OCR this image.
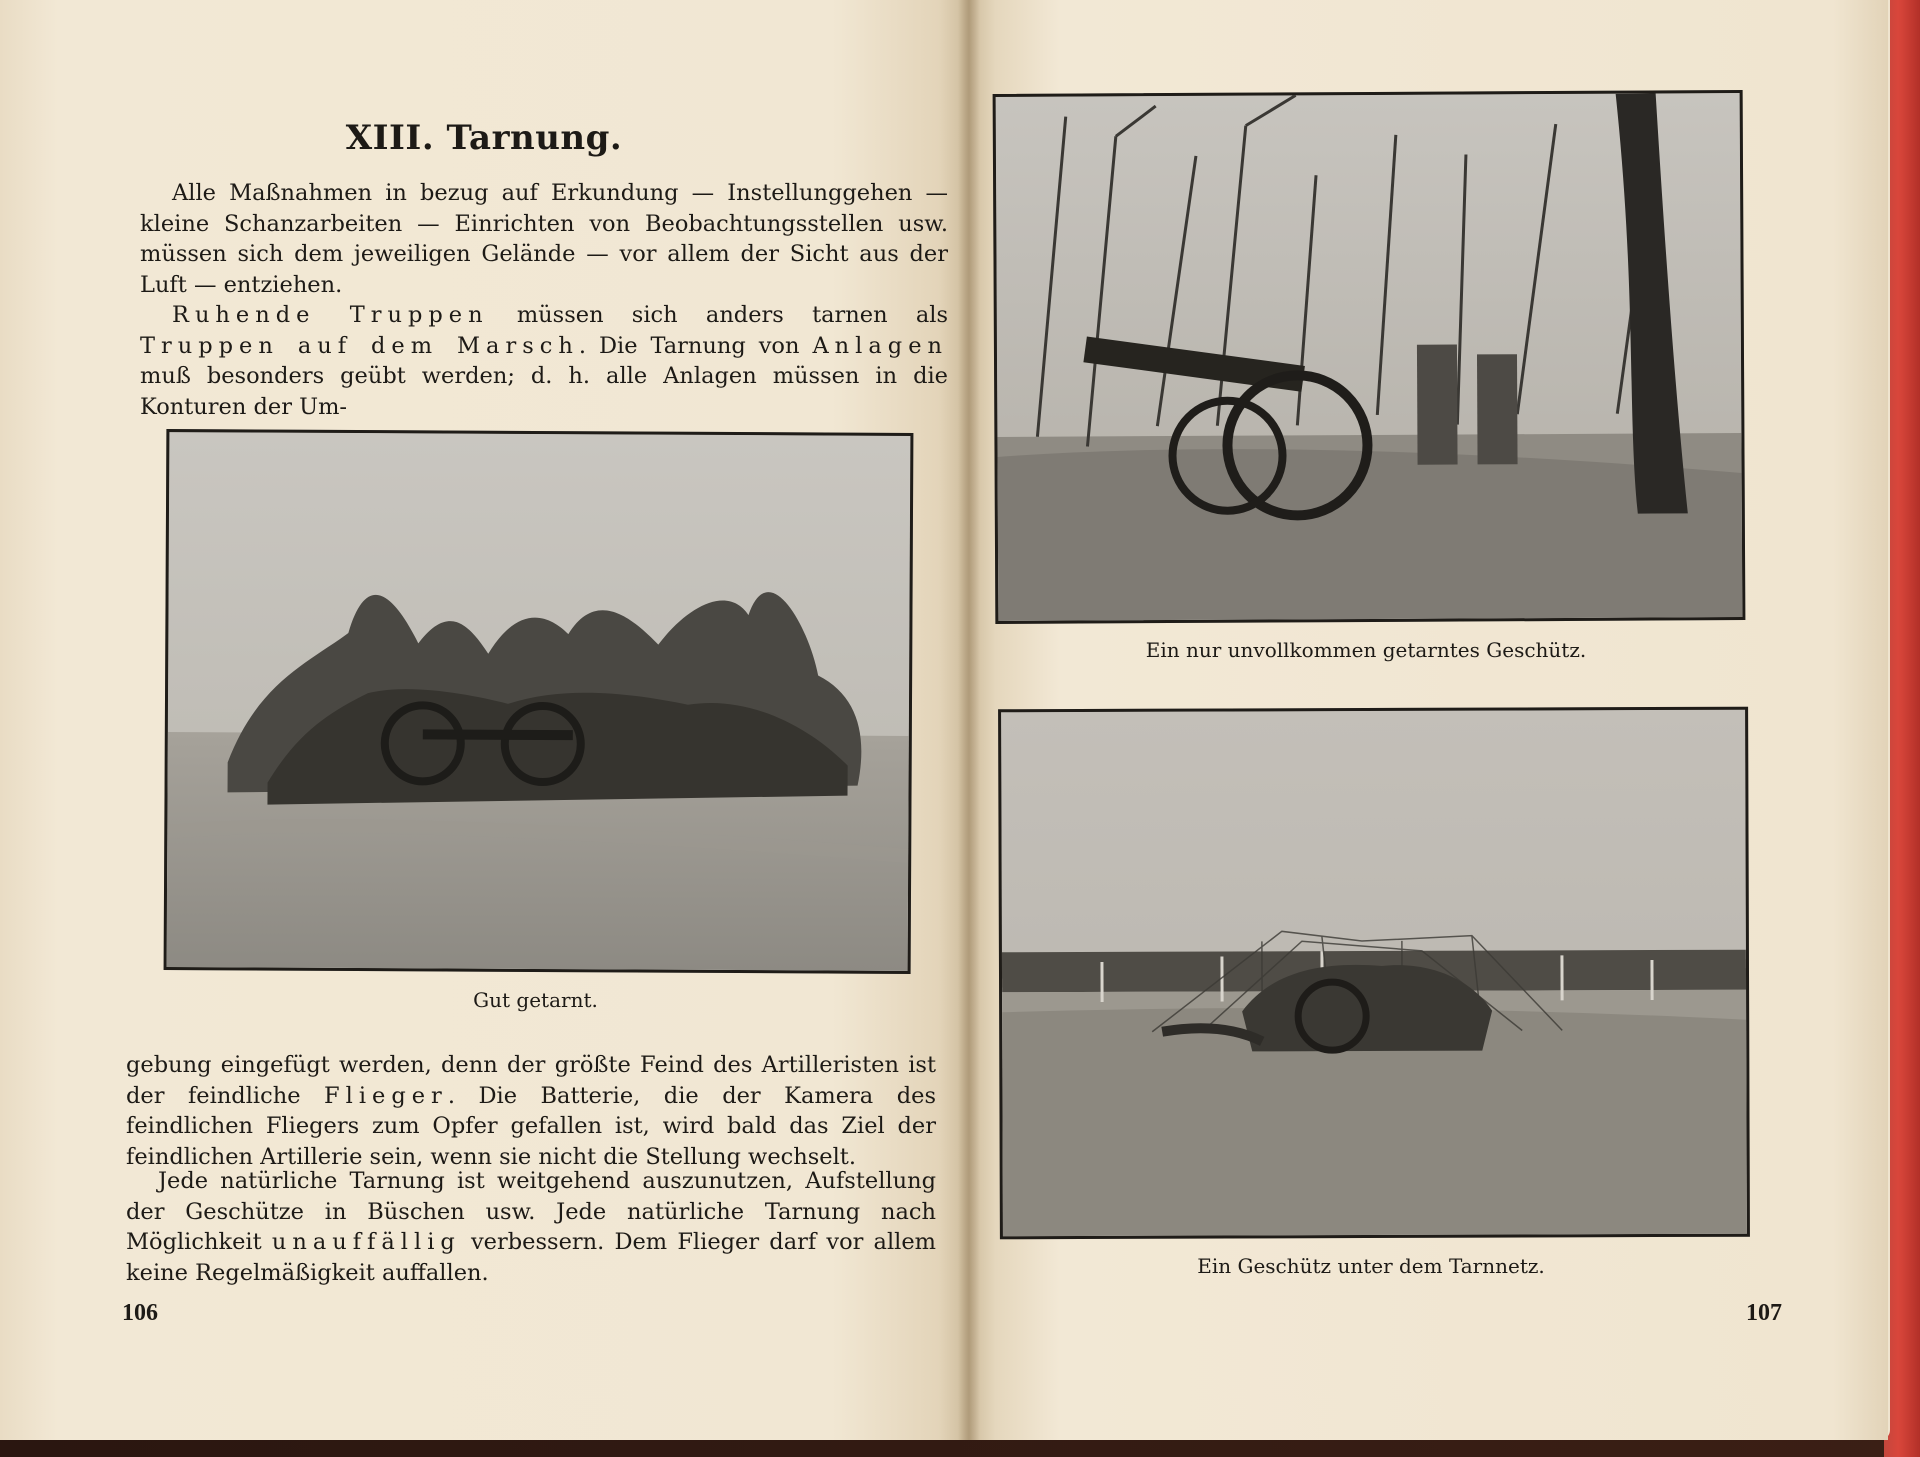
XIII. Tarnung.

Alle Maßnahmen in bezug auf Erkundung — Instellunggehen — kleine Schanzarbeiten — Einrichten von Beobachtungsstellen usw. müssen sich dem jeweiligen Gelände — vor allem der Sicht aus der Luft — entziehen.

Ruhende Truppen müssen sich anders tarnen als Truppen auf dem Marsch. Die Tarnung von Anlagen muß besonders geübt werden; d. h. alle Anlagen müssen in die Konturen der Um-

Gut getarnt.

gebung eingefügt werden, denn der größte Feind des Artilleristen ist der feindliche Flieger. Die Batterie, die der Kamera des feindlichen Fliegers zum Opfer gefallen ist, wird bald das Ziel der feindlichen Artillerie sein, wenn sie nicht die Stellung wechselt.

Jede natürliche Tarnung ist weitgehend auszunutzen, Aufstellung der Geschütze in Büschen usw. Jede natürliche Tarnung nach Möglichkeit unauffällig verbessern. Dem Flieger darf vor allem keine Regelmäßigkeit auffallen.

106
Ein nur unvollkommen getarntes Geschütz.
Ein Geschütz unter dem Tarnnetz.
107
